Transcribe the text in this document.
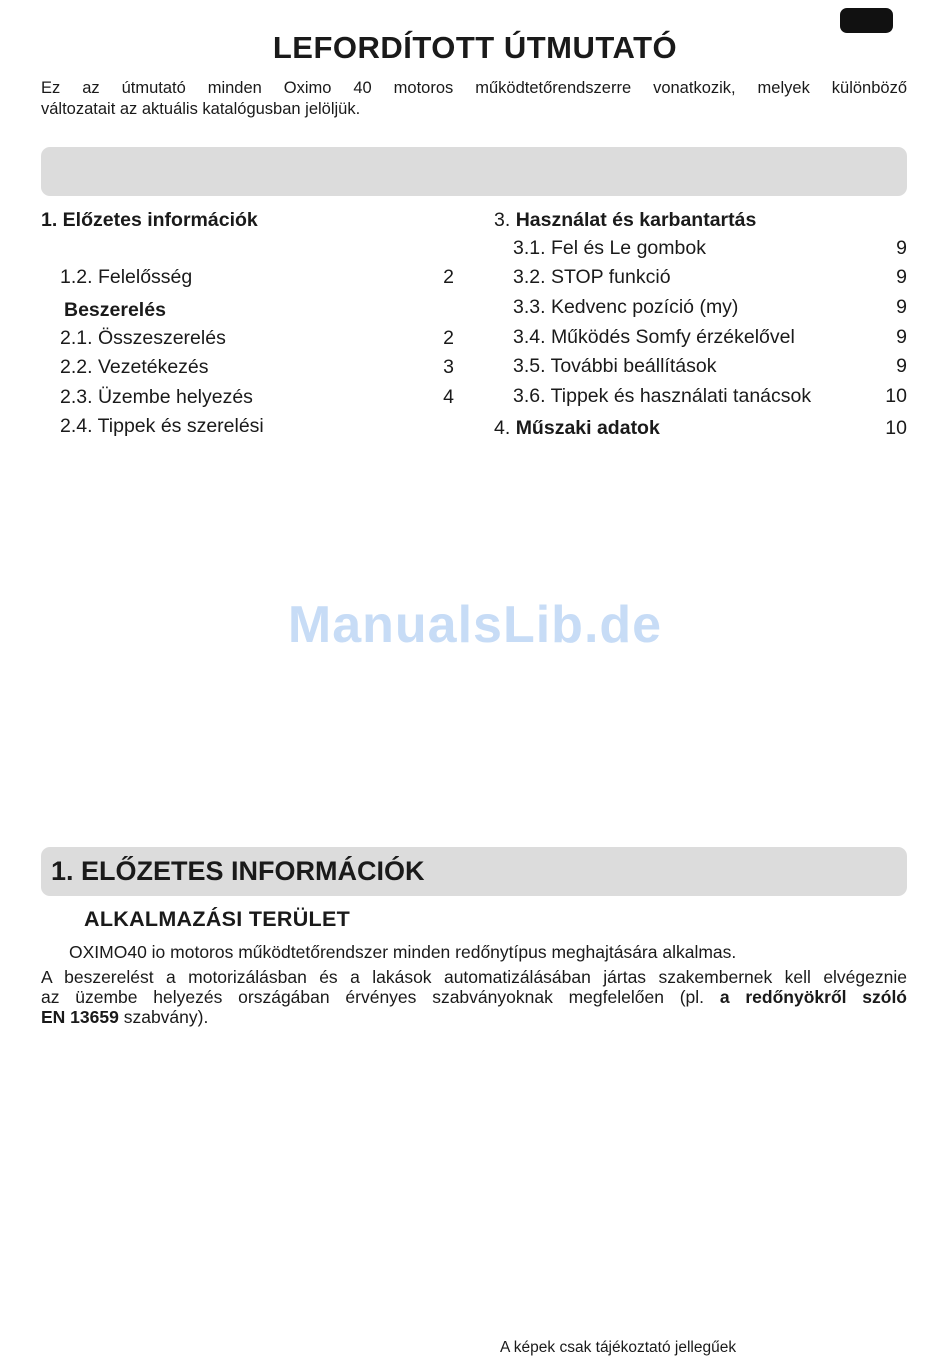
LEFORDÍTOTT ÚTMUTATÓ

Ez az útmutató minden Oximo 40 motoros működtetőrendszerre vonatkozik, melyek különböző
változatait az aktuális katalógusban jelöljük.

1. Előzetes információk
1.2. Felelősség	2
Beszerelés
2.1. Összeszerelés	2
2.2. Vezetékezés	3
2.3. Üzembe helyezés	4
2.4. Tippek és szerelési
3. Használat és karbantartás
3.1. Fel és Le gombok	9
3.2. STOP funkció	9
3.3. Kedvenc pozíció (my)	9
3.4. Működés Somfy érzékelővel	9
3.5. További beállítások	9
3.6. Tippek és használati tanácsok	10
4. Műszaki adatok	10
ManualsLib.de
1. ELŐZETES INFORMÁCIÓK
ALKALMAZÁSI TERÜLET

OXIMO40 io motoros működtetőrendszer minden redőnytípus meghajtására alkalmas.

A beszerelést a motorizálásban és a lakások automatizálásában jártas szakembernek kell elvégeznie
az üzembe helyezés országában érvényes szabványoknak megfelelően (pl. a redőnyökről szóló
EN 13659 szabvány).

A képek csak tájékoztató jellegűek
